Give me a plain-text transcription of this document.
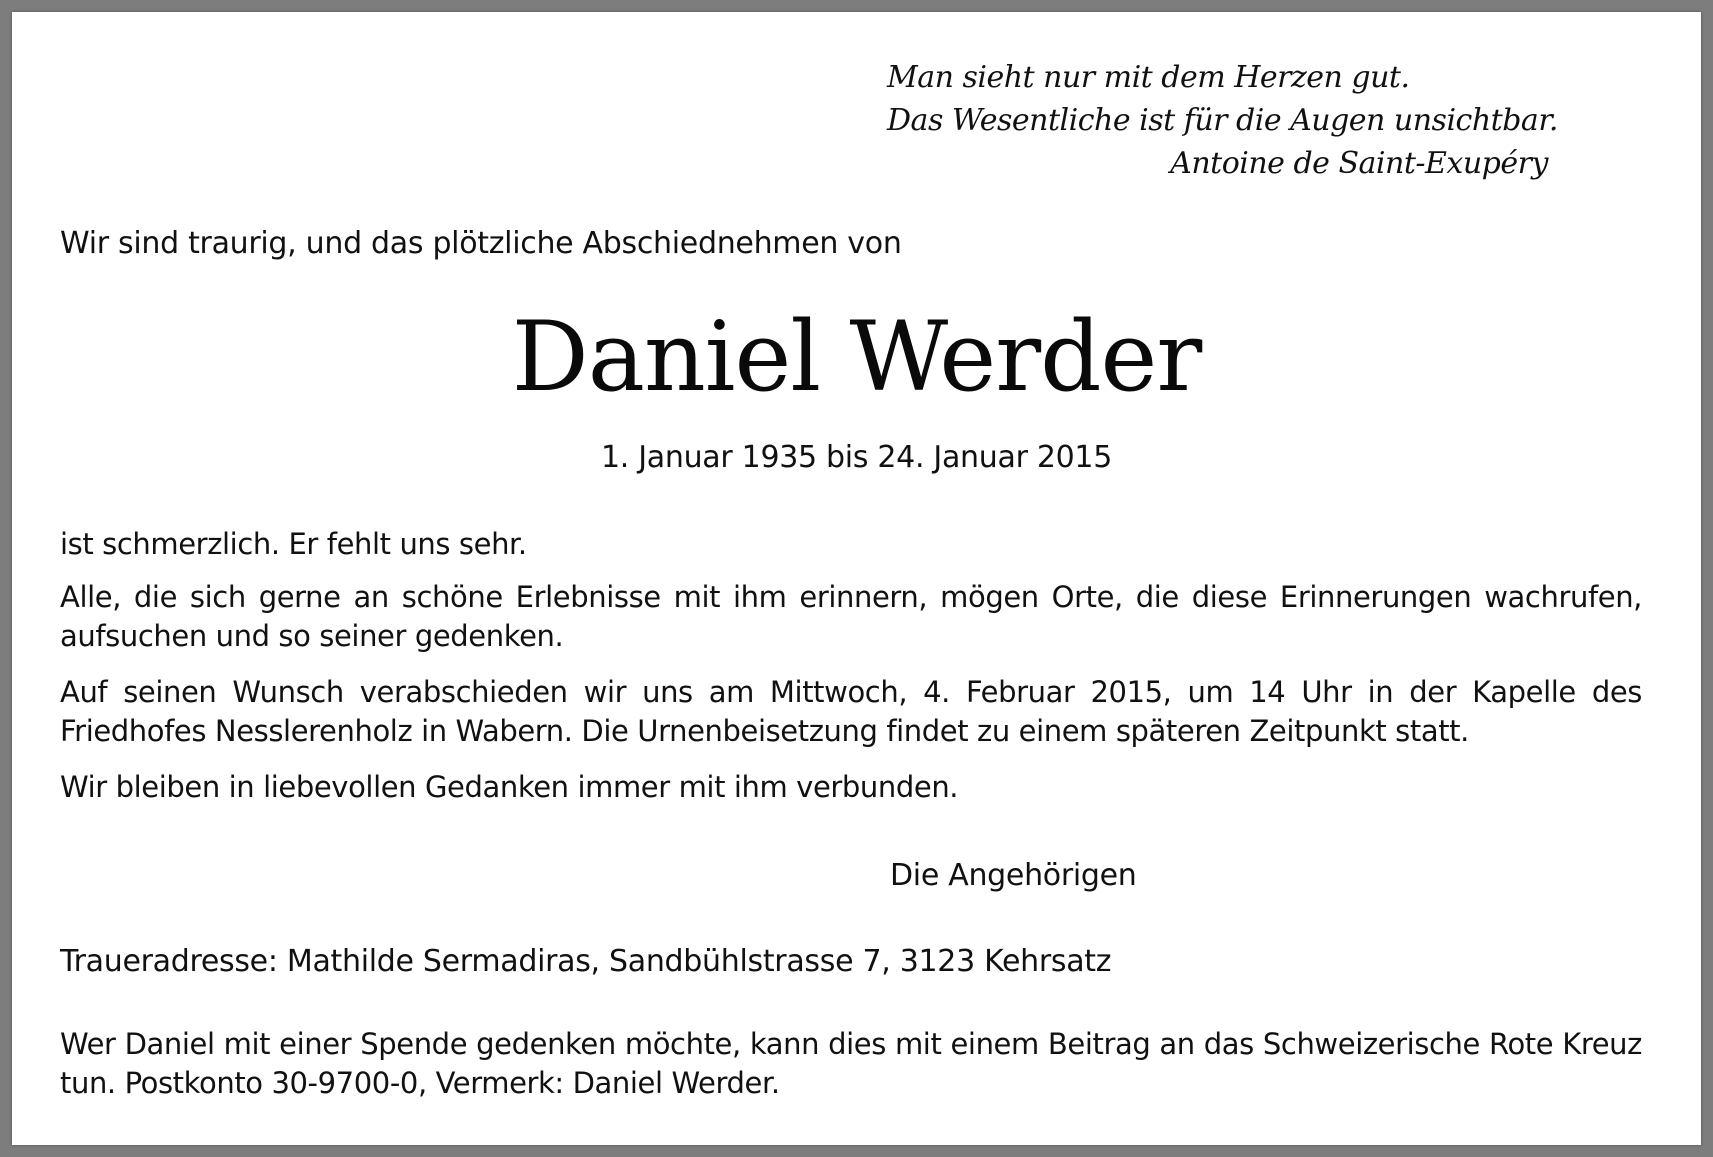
Man sieht nur mit dem Herzen gut.
Das Wesentliche ist für die Augen unsichtbar.
Antoine de Saint-Exupéry
Wir sind traurig, und das plötzliche Abschiednehmen von
Daniel Werder
1. Januar 1935 bis 24. Januar 2015
ist schmerzlich. Er fehlt uns sehr.
Alle, die sich gerne an schöne Erlebnisse mit ihm erinnern, mögen Orte, die diese Erinnerungen wachrufen, aufsuchen und so seiner gedenken.
Auf seinen Wunsch verabschieden wir uns am Mittwoch, 4. Februar 2015, um 14 Uhr in der Kapelle des Friedhofes Nesslerenholz in Wabern. Die Urnenbeisetzung findet zu einem späteren Zeitpunkt statt.
Wir bleiben in liebevollen Gedanken immer mit ihm verbunden.
Die Angehörigen
Traueradresse: Mathilde Sermadiras, Sandbühlstrasse 7, 3123 Kehrsatz
Wer Daniel mit einer Spende gedenken möchte, kann dies mit einem Beitrag an das Schweizerische Rote Kreuz tun. Postkonto 30-9700-0, Vermerk: Daniel Werder.
